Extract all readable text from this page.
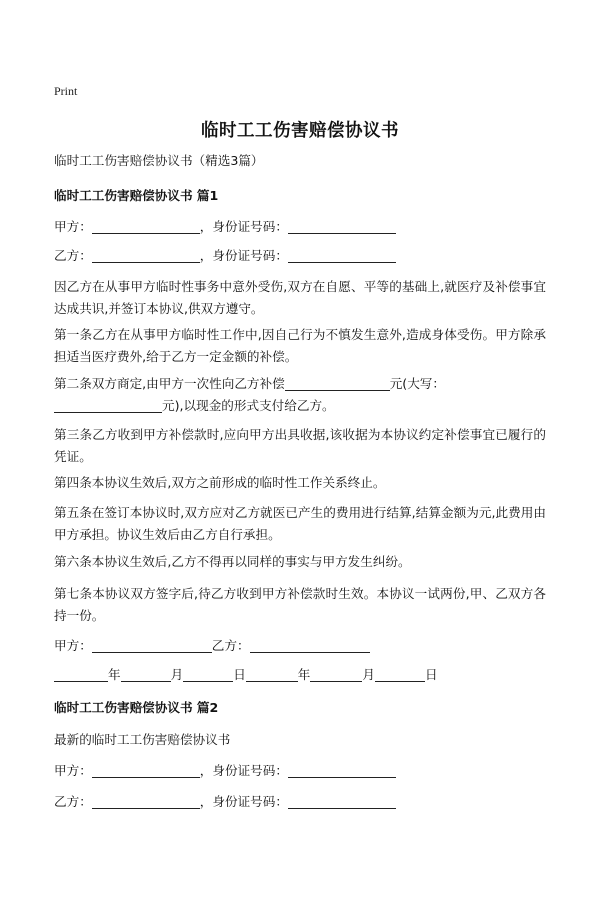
Print
临时工工伤害赔偿协议书
临时工工伤害赔偿协议书（精选3篇）
临时工工伤害赔偿协议书 篇1
甲方：	，身份证号码：
乙方：	，身份证号码：
因乙方在从事甲方临时性事务中意外受伤,双方在自愿、平等的基础上,就医疗及补偿事宜达成共识,并签订本协议,供双方遵守。
第一条乙方在从事甲方临时性工作中,因自己行为不慎发生意外,造成身体受伤。甲方除承担适当医疗费外,给于乙方一定金额的补偿。
第二条双方商定,由甲方一次性向乙方补偿	元(大写：
元),以现金的形式支付给乙方。
第三条乙方收到甲方补偿款时,应向甲方出具收据,该收据为本协议约定补偿事宜已履行的凭证。
第四条本协议生效后,双方之前形成的临时性工作关系终止。
第五条在签订本协议时,双方应对乙方就医已产生的费用进行结算,结算金额为元,此费用由甲方承担。协议生效后由乙方自行承担。
第六条本协议生效后,乙方不得再以同样的事实与甲方发生纠纷。
第七条本协议双方签字后,待乙方收到甲方补偿款时生效。本协议一试两份,甲、乙双方各持一份。
甲方：	乙方：
年	月	日	年	月	日
临时工工伤害赔偿协议书 篇2
最新的临时工工伤害赔偿协议书
甲方：	，身份证号码：
乙方：	，身份证号码：
